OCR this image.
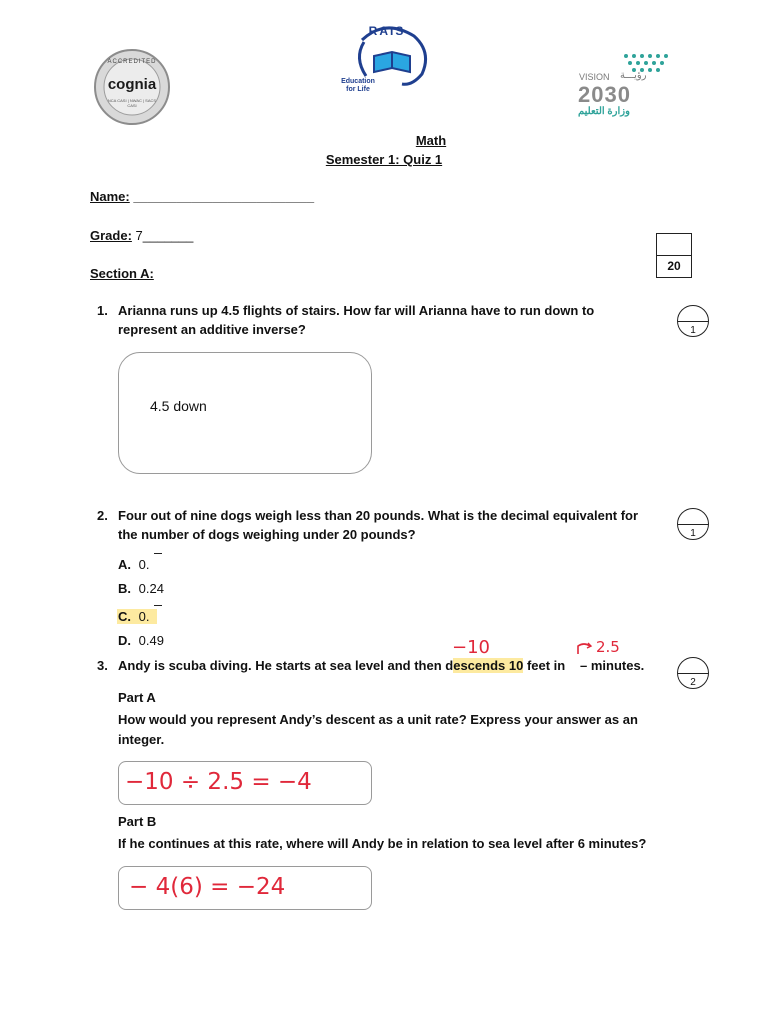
ACCREDITED
cognia
NCA CASI | NWAC | SACS CASI
RAIS
Education
for Life
VISION رؤيـــة
2030
وزارة التعليم
Math
Semester 1: Quiz 1
Name: _________________________
Grade: 7_______
Section A:	20
1. Arianna runs up 4.5 flights of stairs. How far will Arianna have to run down to
represent an additive inverse?	1
4.5 down
2. Four out of nine dogs weigh less than 20 pounds. What is the decimal equivalent for
the number of dogs weighing under 20 pounds?	1
A. 0.
B. 0.24
C. 0.
D. 0.49	−10	2.5
3. Andy is scuba diving. He starts at sea level and then descends 10 feet in – minutes.
2
Part A
How would you represent Andy’s descent as a unit rate? Express your answer as an
integer.
−10 ÷ 2.5 = −4
Part B
If he continues at this rate, where will Andy be in relation to sea level after 6 minutes?
− 4(6) = −24
